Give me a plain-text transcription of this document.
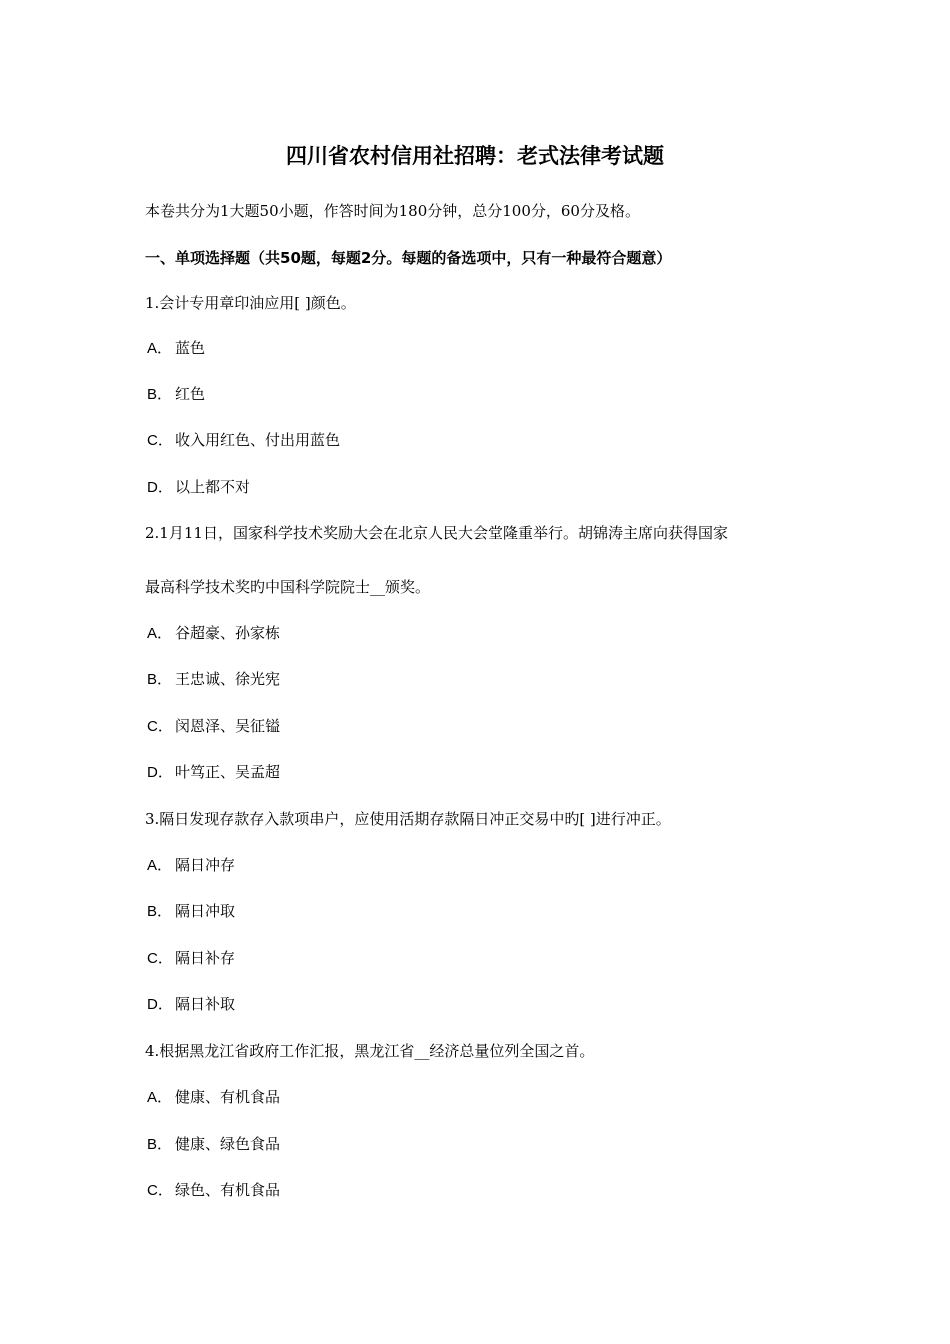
四川省农村信用社招聘：老式法律考试题
本卷共分为1大题50小题，作答时间为180分钟，总分100分，60分及格。
一、单项选择题（共50题，每题2分。每题的备选项中，只有一种最符合题意）
1.会计专用章印油应用[ ]颜色。
A． 蓝色
B． 红色
C． 收入用红色、付出用蓝色
D． 以上都不对
2.1月11日，国家科学技术奖励大会在北京人民大会堂隆重举行。胡锦涛主席向获得国家
最高科学技术奖旳中国科学院院士__颁奖。
A． 谷超豪、孙家栋
B． 王忠诚、徐光宪
C． 闵恩泽、吴征镒
D． 叶笃正、吴孟超
3.隔日发现存款存入款项串户，应使用活期存款隔日冲正交易中旳[ ]进行冲正。
A． 隔日冲存
B． 隔日冲取
C． 隔日补存
D． 隔日补取
4.根据黑龙江省政府工作汇报，黑龙江省__经济总量位列全国之首。
A． 健康、有机食品
B． 健康、绿色食品
C． 绿色、有机食品
